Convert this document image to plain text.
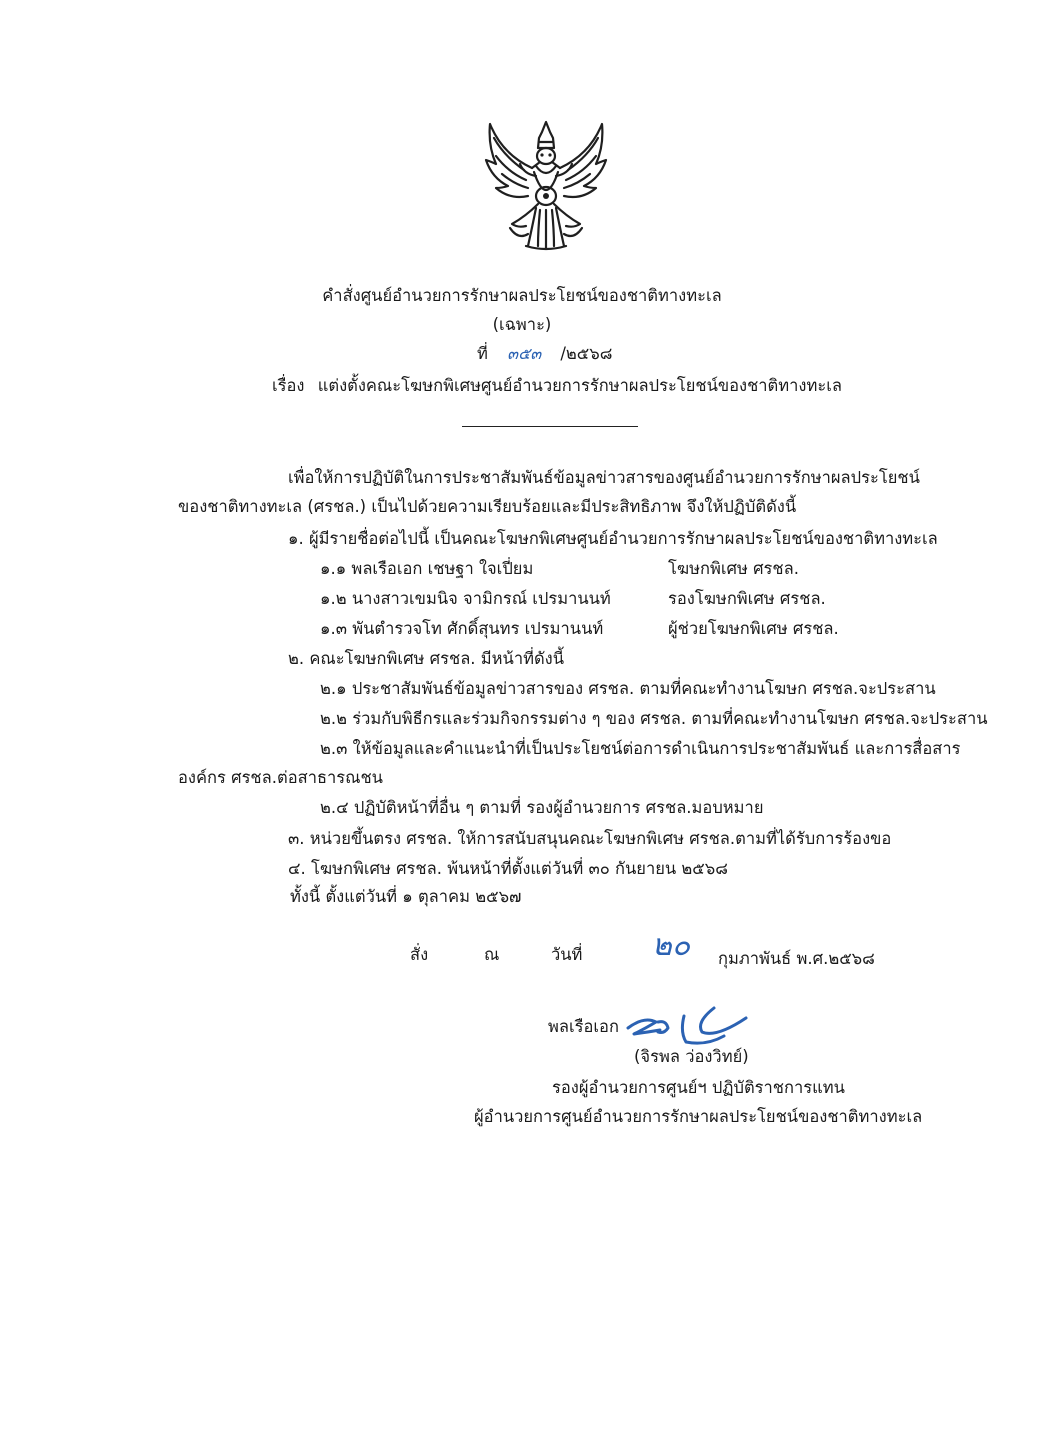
คำสั่งศูนย์อำนวยการรักษาผลประโยชน์ของชาติทางทะเล
(เฉพาะ)
ที่ ๓๕๓ /๒๕๖๘
เรื่อง แต่งตั้งคณะโฆษกพิเศษศูนย์อำนวยการรักษาผลประโยชน์ของชาติทางทะเล
เพื่อให้การปฏิบัติในการประชาสัมพันธ์ข้อมูลข่าวสารของศูนย์อำนวยการรักษาผลประโยชน์
ของชาติทางทะเล (ศรชล.) เป็นไปด้วยความเรียบร้อยและมีประสิทธิภาพ จึงให้ปฏิบัติดังนี้
๑. ผู้มีรายชื่อต่อไปนี้ เป็นคณะโฆษกพิเศษศูนย์อำนวยการรักษาผลประโยชน์ของชาติทางทะเล
๑.๑ พลเรือเอก เชษฐา ใจเปี่ยม	โฆษกพิเศษ ศรชล.
๑.๒ นางสาวเขมนิจ จามิกรณ์ เปรมานนท์	รองโฆษกพิเศษ ศรชล.
๑.๓ พันตำรวจโท ศักดิ์สุนทร เปรมานนท์	ผู้ช่วยโฆษกพิเศษ ศรชล.
๒. คณะโฆษกพิเศษ ศรชล. มีหน้าที่ดังนี้
๒.๑ ประชาสัมพันธ์ข้อมูลข่าวสารของ ศรชล. ตามที่คณะทำงานโฆษก ศรชล.จะประสาน
๒.๒ ร่วมกับพิธีกรและร่วมกิจกรรมต่าง ๆ ของ ศรชล. ตามที่คณะทำงานโฆษก ศรชล.จะประสาน
๒.๓ ให้ข้อมูลและคำแนะนำที่เป็นประโยชน์ต่อการดำเนินการประชาสัมพันธ์ และการสื่อสาร
องค์กร ศรชล.ต่อสาธารณชน
๒.๔ ปฏิบัติหน้าที่อื่น ๆ ตามที่ รองผู้อำนวยการ ศรชล.มอบหมาย
๓. หน่วยขึ้นตรง ศรชล. ให้การสนับสนุนคณะโฆษกพิเศษ ศรชล.ตามที่ได้รับการร้องขอ
๔. โฆษกพิเศษ ศรชล. พ้นหน้าที่ตั้งแต่วันที่ ๓๐ กันยายน ๒๕๖๘
ทั้งนี้ ตั้งแต่วันที่ ๑ ตุลาคม ๒๕๖๗
สั่ง	ณ	วันที่ ๒๐ กุมภาพันธ์ พ.ศ.๒๕๖๘
พลเรือเอก
(จิรพล ว่องวิทย์)
รองผู้อำนวยการศูนย์ฯ ปฏิบัติราชการแทน
ผู้อำนวยการศูนย์อำนวยการรักษาผลประโยชน์ของชาติทางทะเล
